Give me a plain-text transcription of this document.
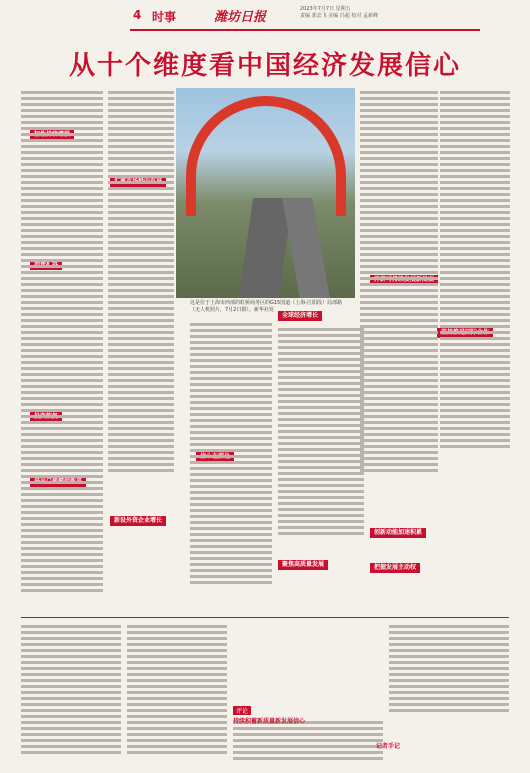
4 时事	潍坊日报
2023年7月7日 星期五
责编 郭忠飞 美编 冯超 校对 孟新峰
从十个维度看中国经济发展信心
这是位于上海市西部的虹桥商务区的G15国道（上海-江阳段）局部路（无人机照片，7月2日摄）。新华社发
新设外资企业增长
全球经济增长
创新动能加速积累
聚焦高质量发展	把握发展主动权
评论
持续积蓄新质量新发展信心
记者手记
